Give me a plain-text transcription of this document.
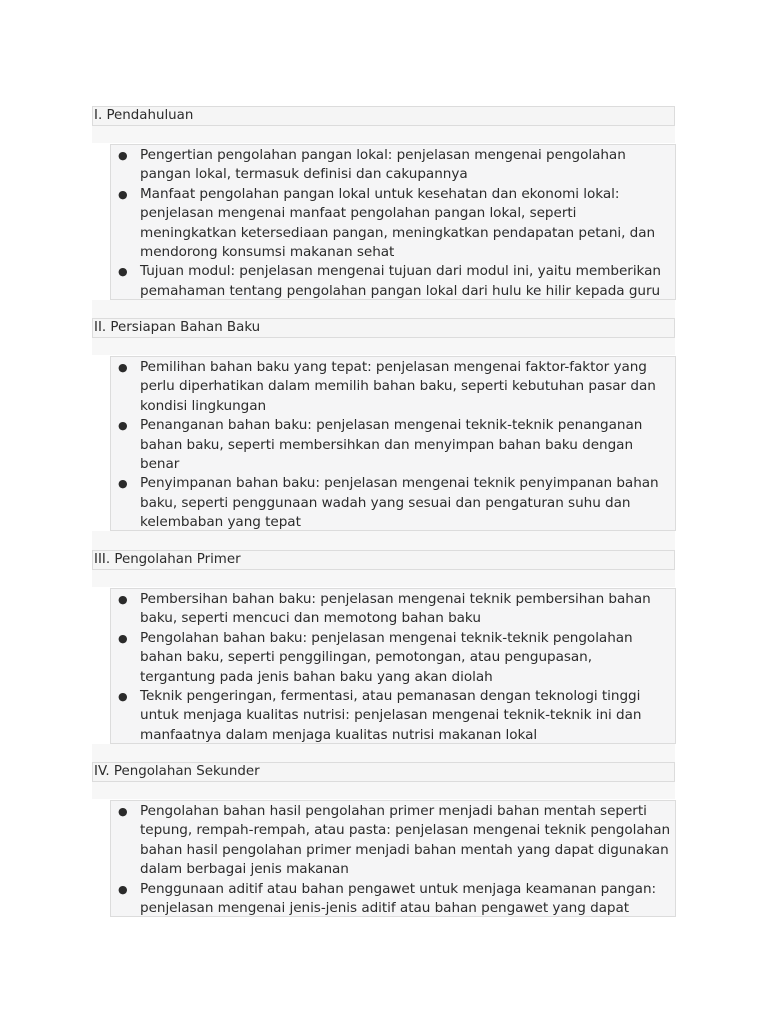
I. Pendahuluan
● Pengertian pengolahan pangan lokal: penjelasan mengenai pengolahan pangan lokal, termasuk definisi dan cakupannya
● Manfaat pengolahan pangan lokal untuk kesehatan dan ekonomi lokal: penjelasan mengenai manfaat pengolahan pangan lokal, seperti meningkatkan ketersediaan pangan, meningkatkan pendapatan petani, dan mendorong konsumsi makanan sehat
● Tujuan modul: penjelasan mengenai tujuan dari modul ini, yaitu memberikan pemahaman tentang pengolahan pangan lokal dari hulu ke hilir kepada guru
II. Persiapan Bahan Baku
● Pemilihan bahan baku yang tepat: penjelasan mengenai faktor-faktor yang perlu diperhatikan dalam memilih bahan baku, seperti kebutuhan pasar dan kondisi lingkungan
● Penanganan bahan baku: penjelasan mengenai teknik-teknik penanganan bahan baku, seperti membersihkan dan menyimpan bahan baku dengan benar
● Penyimpanan bahan baku: penjelasan mengenai teknik penyimpanan bahan baku, seperti penggunaan wadah yang sesuai dan pengaturan suhu dan kelembaban yang tepat
III. Pengolahan Primer
● Pembersihan bahan baku: penjelasan mengenai teknik pembersihan bahan baku, seperti mencuci dan memotong bahan baku
● Pengolahan bahan baku: penjelasan mengenai teknik-teknik pengolahan bahan baku, seperti penggilingan, pemotongan, atau pengupasan, tergantung pada jenis bahan baku yang akan diolah
● Teknik pengeringan, fermentasi, atau pemanasan dengan teknologi tinggi untuk menjaga kualitas nutrisi: penjelasan mengenai teknik-teknik ini dan manfaatnya dalam menjaga kualitas nutrisi makanan lokal
IV. Pengolahan Sekunder
● Pengolahan bahan hasil pengolahan primer menjadi bahan mentah seperti tepung, rempah-rempah, atau pasta: penjelasan mengenai teknik pengolahan bahan hasil pengolahan primer menjadi bahan mentah yang dapat digunakan dalam berbagai jenis makanan
● Penggunaan aditif atau bahan pengawet untuk menjaga keamanan pangan: penjelasan mengenai jenis-jenis aditif atau bahan pengawet yang dapat
